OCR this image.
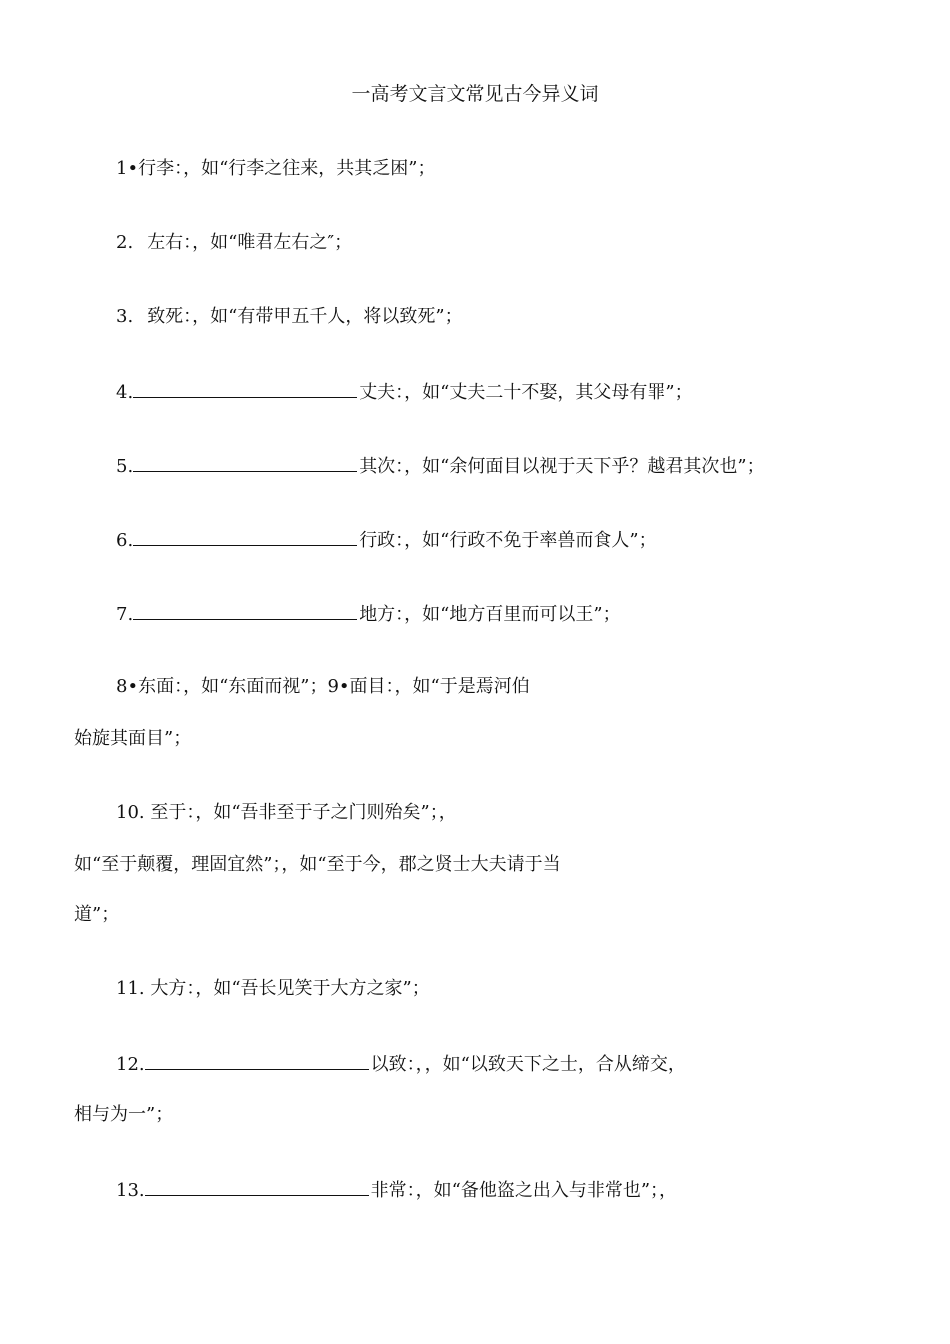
一高考文言文常见古今异义词
1•行李：，如“行李之往来，共其乏困”；
2. 左右：，如“唯君左右之″；
3. 致死：，如“有带甲五千人，将以致死”；
4.	丈夫：，如“丈夫二十不娶，其父母有罪”；
5.	其次：，如“余何面目以视于天下乎？越君其次也”；
6.	行政：，如“行政不免于率兽而食人”；
7.	地方：，如“地方百里而可以王”；
8•东面：，如“东面而视”；9•面目：，如“于是焉河伯
始旋其面目”；
10. 至于：，如“吾非至于子之门则殆矣”；，
如“至于颠覆，理固宜然”；，如“至于今，郡之贤士大夫请于当
道”；
11. 大方：，如“吾长见笑于大方之家”；
12.	以致：，，如“以致天下之士，合从缔交，
相与为一”；
13.	非常：，如“备他盗之出入与非常也”；，
